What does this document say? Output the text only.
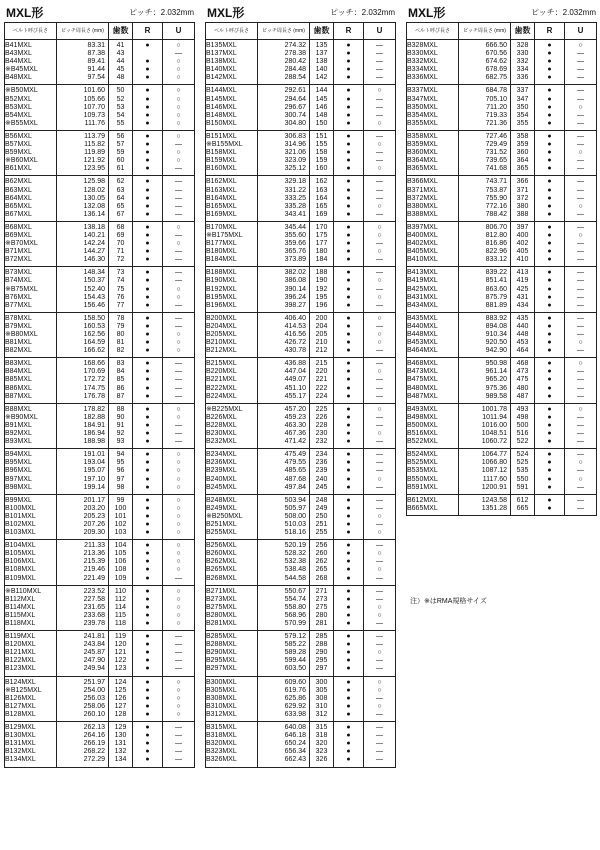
MXL形	ピッチ：2.032mm
ベルト呼び長さ	ピッチ周長さ (mm)	歯数	R	U
B41MXL	83.31	41	●	○
B43MXL	87.38	43		—
B44MXL	89.41	44	●	○
※B45MXL	91.44	45	●	○
B48MXL	97.54	48	●	○
※B50MXL	101.60	50	●	○
B52MXL	105.66	52	●	○
B53MXL	107.70	53	●	○
B54MXL	109.73	54	●	○
※B55MXL	111.76	55	●	○
B56MXL	113.79	56	●	○
B57MXL	115.82	57	●	—
B59MXL	119.89	59	●	○
※B60MXL	121.92	60	●	○
B61MXL	123.95	61	●	—
B62MXL	125.98	62	●	—
B63MXL	128.02	63	●	—
B64MXL	130.05	64	●	—
B65MXL	132.08	65	●	—
B67MXL	136.14	67	●	—
B68MXL	138.18	68	●	○
B69MXL	140.21	69	●	—
※B70MXL	142.24	70	●	○
B71MXL	144.27	71	●	—
B72MXL	146.30	72	●	—
B73MXL	148.34	73	●	—
B74MXL	150.37	74	●	—
※B75MXL	152.40	75	●	○
B76MXL	154.43	76	●	○
B77MXL	156.46	77	●	—
B78MXL	158.50	78	●	—
B79MXL	160.53	79	●	—
※B80MXL	162.56	80	●	○
B81MXL	164.59	81	●	○
B82MXL	166.62	82	●	○
B83MXL	168.66	83	●	—
B84MXL	170.69	84	●	—
B85MXL	172.72	85	●	—
B86MXL	174.75	86	●	—
B87MXL	176.78	87	●	—
B88MXL	178.82	88	●	○
※B90MXL	182.88	90	●	○
B91MXL	184.91	91	●	—
B92MXL	186.94	92	●	—
B93MXL	188.98	93	●	—
B94MXL	191.01	94	●	○
B95MXL	193.04	95	●	○
B96MXL	195.07	96	●	○
B97MXL	197.10	97	●	○
B98MXL	199.14	98	●	○
B99MXL	201.17	99	●	○
B100MXL	203.20	100	●	○
B101MXL	205.23	101	●	○
B102MXL	207.26	102	●	○
B103MXL	209.30	103	●	○
B104MXL	211.33	104	●	○
B105MXL	213.36	105	●	○
B106MXL	215.39	106	●	○
B108MXL	219.46	108	●	○
B109MXL	221.49	109	●	—
※B110MXL	223.52	110	●	○
B112MXL	227.58	112	●	○
B114MXL	231.65	114	●	○
B115MXL	233.68	115	●	○
B118MXL	239.78	118	●	○
B119MXL	241.81	119	●	—
B120MXL	243.84	120	●	—
B121MXL	245.87	121	●	—
B122MXL	247.90	122	●	—
B123MXL	249.94	123	●	—
B124MXL	251.97	124	●	○
※B125MXL	254.00	125	●	○
B126MXL	256.03	126	●	○
B127MXL	258.06	127	●	○
B128MXL	260.10	128	●	○
B129MXL	262.13	129	●	—
B130MXL	264.16	130	●	—
B131MXL	266.19	131	●	—
B132MXL	268.22	132	●	—
B134MXL	272.29	134	●	—
MXL形	ピッチ：2.032mm
ベルト呼び長さ	ピッチ周長さ (mm)	歯数	R	U
B135MXL	274.32	135	●	—
B137MXL	278.38	137	●	—
B138MXL	280.42	138	●	—
B140MXL	284.48	140	●	—
B142MXL	288.54	142	●	—
B144MXL	292.61	144	●	○
B145MXL	294.64	145	●	—
B146MXL	296.67	146	●	—
B148MXL	300.74	148	●	—
B150MXL	304.80	150	●	○
B151MXL	306.83	151	●	—
※B155MXL	314.96	155	●	○
B158MXL	321.06	158	●	—
B159MXL	323.09	159	●	—
B160MXL	325.12	160	●	○
B162MXL	329.18	162	●	—
B163MXL	331.22	163	●	—
B164MXL	333.25	164	●	—
B165MXL	335.28	165	●	○
B169MXL	343.41	169	●	—
B170MXL	345.44	170	●	○
※B175MXL	355.60	175	●	○
B177MXL	359.66	177	●	—
B180MXL	365.76	180	●	○
B184MXL	373.89	184	●	—
B188MXL	382.02	188	●	—
B190MXL	386.08	190	●	○
B192MXL	390.14	192	●	—
B195MXL	396.24	195	●	○
B196MXL	398.27	196	●	—
B200MXL	406.40	200	●	○
B204MXL	414.53	204	●	—
B205MXL	416.56	205	●	○
B210MXL	426.72	210	●	○
B212MXL	430.78	212	●	—
B215MXL	436.88	215	●	—
B220MXL	447.04	220	●	○
B221MXL	449.07	221	●	—
B222MXL	451.10	222	●	—
B224MXL	455.17	224	●	—
※B225MXL	457.20	225	●	○
B226MXL	459.23	226	●	—
B228MXL	463.30	228	●	—
B230MXL	467.36	230	●	○
B232MXL	471.42	232	●	—
B234MXL	475.49	234	●	—
B236MXL	479.55	236	●	—
B239MXL	485.65	239	●	—
B240MXL	487.68	240	●	○
B245MXL	497.84	245	●	—
B248MXL	503.94	248	●	—
B249MXL	505.97	249	●	—
※B250MXL	508.00	250	●	○
B251MXL	510.03	251	●	—
B255MXL	518.16	255	●	○
B256MXL	520.19	256	●	—
B260MXL	528.32	260	●	○
B262MXL	532.38	262	●	—
B265MXL	538.48	265	●	○
B268MXL	544.58	268	●	—
B271MXL	550.67	271	●	—
B273MXL	554.74	273	●	—
B275MXL	558.80	275	●	○
B280MXL	568.96	280	●	○
B281MXL	570.99	281	●	—
B285MXL	579.12	285	●	—
B288MXL	585.22	288	●	—
B290MXL	589.28	290	●	○
B295MXL	599.44	295	●	—
B297MXL	603.50	297	●	—
B300MXL	609.60	300	●	○
B305MXL	619.76	305	●	○
B308MXL	625.86	308	●	—
B310MXL	629.92	310	●	○
B312MXL	633.98	312	●	—
B315MXL	640.08	315	●	—
B318MXL	646.18	318	●	—
B320MXL	650.24	320	●	—
B323MXL	656.34	323	●	—
B326MXL	662.43	326	●	—
MXL形	ピッチ：2.032mm
ベルト呼び長さ	ピッチ周長さ (mm)	歯数	R	U
B328MXL	666.50	328	●	○
B330MXL	670.56	330	●	—
B332MXL	674.62	332	●	—
B334MXL	678.69	334	●	—
B336MXL	682.75	336	●	—
B337MXL	684.78	337	●	—
B347MXL	705.10	347	●	—
B350MXL	711.20	350	●	○
B354MXL	719.33	354	●	—
B355MXL	721.36	355	●	—
B358MXL	727.46	358	●	—
B359MXL	729.49	359	●	—
B360MXL	731.52	360	●	○
B364MXL	739.65	364	●	—
B365MXL	741.68	365	●	—
B366MXL	743.71	366	●	—
B371MXL	753.87	371	●	—
B372MXL	755.90	372	●	—
B380MXL	772.16	380	●	○
B388MXL	788.42	388	●	—
B397MXL	806.70	397	●	—
B400MXL	812.80	400	●	○
B402MXL	816.86	402	●	—
B405MXL	822.96	405	●	—
B410MXL	833.12	410	●	—
B413MXL	839.22	413	●	—
B419MXL	851.41	419	●	—
B425MXL	863.60	425	●	—
B431MXL	875.79	431	●	—
B434MXL	881.89	434	●	—
B435MXL	883.92	435	●	—
B440MXL	894.08	440	●	—
B448MXL	910.34	448	●	—
B453MXL	920.50	453	●	○
B464MXL	942.90	464	●	—
B468MXL	950.98	468	●	○
B473MXL	961.14	473	●	—
B475MXL	965.20	475	●	—
B480MXL	975.36	480	●	—
B487MXL	989.58	487	●	—
B493MXL	1001.78	493	●	○
B498MXL	1011.94	498	●	—
B500MXL	1016.00	500	●	—
B516MXL	1048.51	516	●	—
B522MXL	1060.72	522	●	—
B524MXL	1064.77	524	●	—
B525MXL	1066.80	525	●	○
B535MXL	1087.12	535	●	—
B550MXL	1117.60	550	●	○
B591MXL	1200.91	591	●	—
B612MXL	1243.58	612	●	—
B665MXL	1351.28	665	●	—
注）※はRMA規格サイズ
